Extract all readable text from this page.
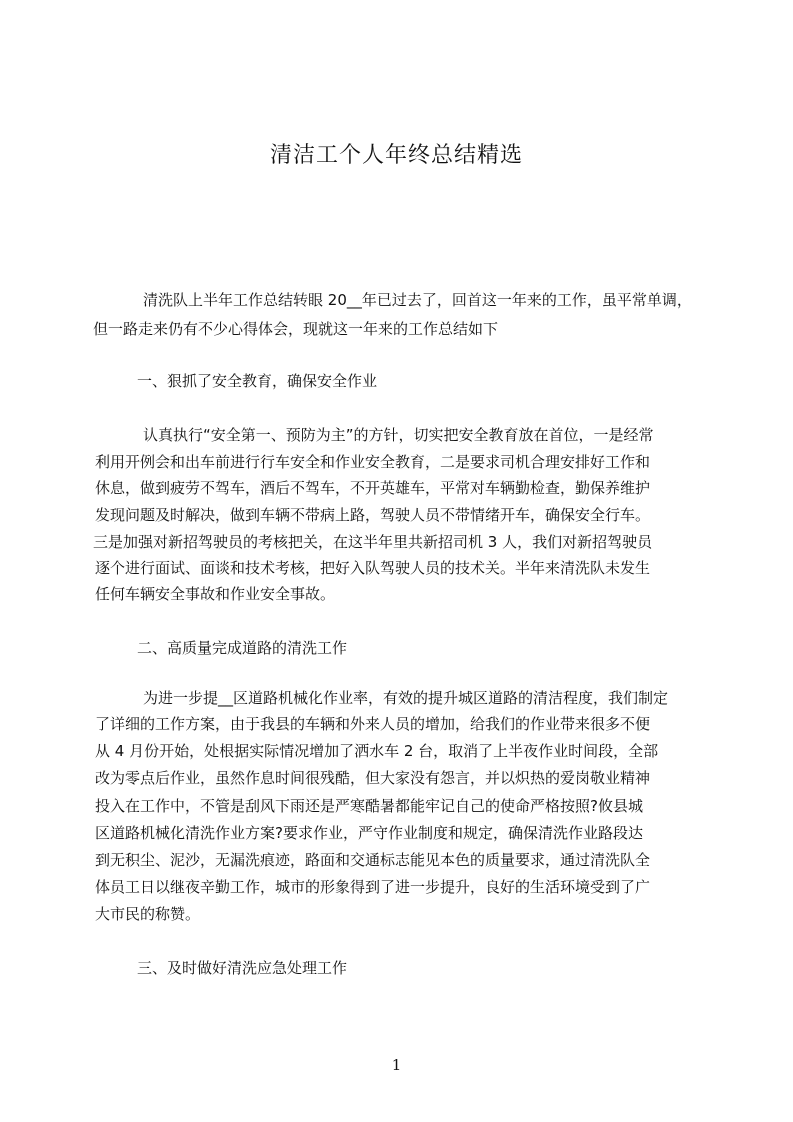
清洁工个人年终总结精选

清洗队上半年工作总结转眼 20__年已过去了，回首这一年来的工作，虽平常单调，

但一路走来仍有不少心得体会，现就这一年来的工作总结如下

一、狠抓了安全教育，确保安全作业

认真执行“安全第一、预防为主”的方针，切实把安全教育放在首位，一是经常

利用开例会和出车前进行行车安全和作业安全教育，二是要求司机合理安排好工作和

休息，做到疲劳不驾车，酒后不驾车，不开英雄车，平常对车辆勤检查，勤保养维护

发现问题及时解决，做到车辆不带病上路，驾驶人员不带情绪开车，确保安全行车。

三是加强对新招驾驶员的考核把关，在这半年里共新招司机 3 人，我们对新招驾驶员

逐个进行面试、面谈和技术考核，把好入队驾驶人员的技术关。半年来清洗队未发生

任何车辆安全事故和作业安全事故。

二、高质量完成道路的清洗工作

为进一步提__区道路机械化作业率，有效的提升城区道路的清洁程度，我们制定

了详细的工作方案，由于我县的车辆和外来人员的增加，给我们的作业带来很多不便

从 4 月份开始，处根据实际情况增加了洒水车 2 台，取消了上半夜作业时间段，全部

改为零点后作业，虽然作息时间很残酷，但大家没有怨言，并以炽热的爱岗敬业精神

投入在工作中，不管是刮风下雨还是严寒酷暑都能牢记自己的使命严格按照?攸县城

区道路机械化清洗作业方案?要求作业，严守作业制度和规定，确保清洗作业路段达

到无积尘、泥沙，无漏洗痕迹，路面和交通标志能见本色的质量要求，通过清洗队全

体员工日以继夜辛勤工作，城市的形象得到了进一步提升，良好的生活环境受到了广

大市民的称赞。

三、及时做好清洗应急处理工作

1
